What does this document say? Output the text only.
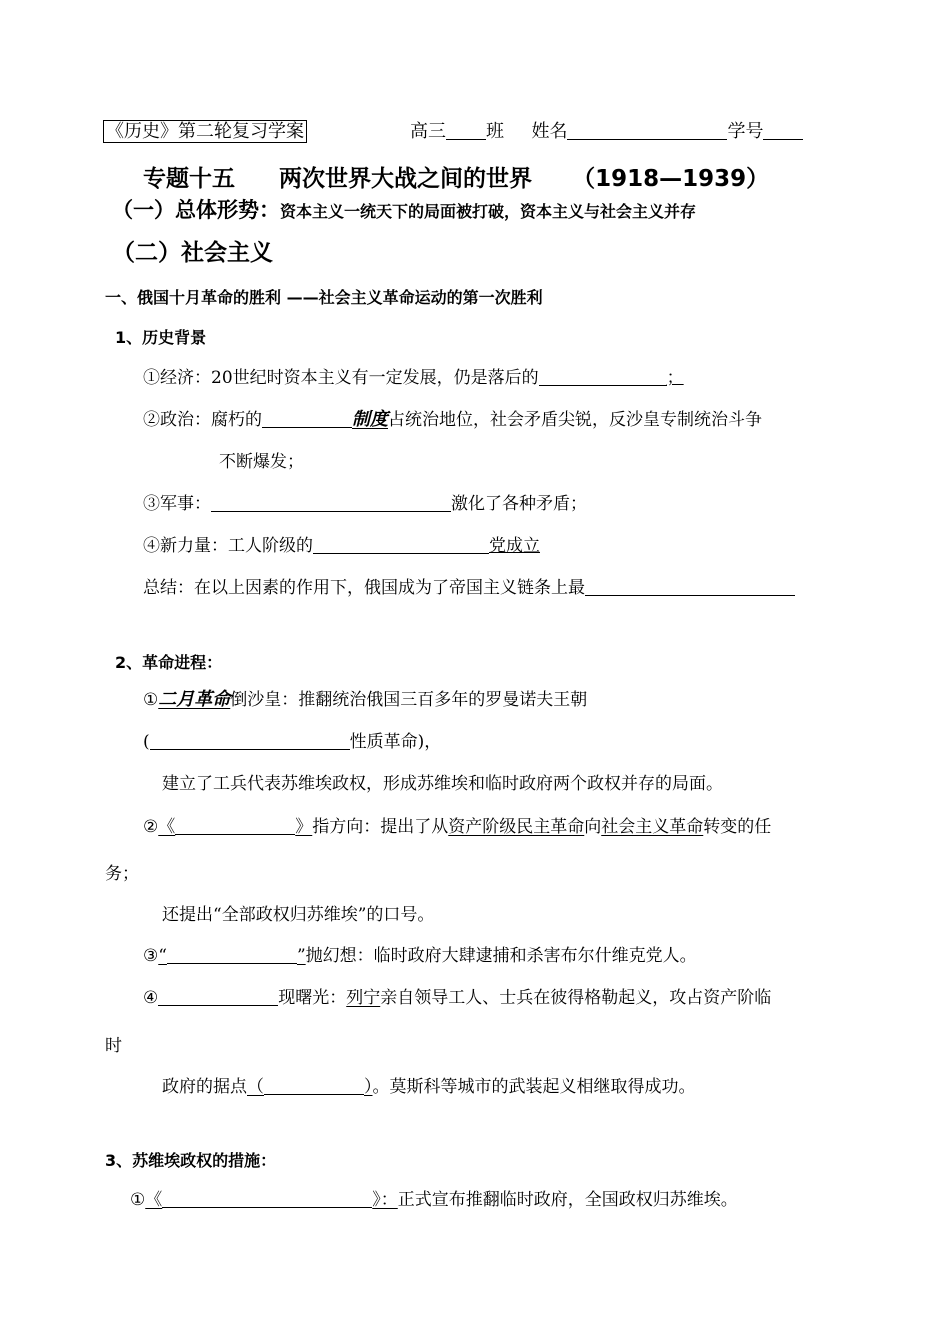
《历史》第二轮复习学案	高三 班 姓名	学号
专题十五 两次世界大战之间的世界 （1918—1939）
（一）总体形势：资本主义一统天下的局面被打破，资本主义与社会主义并存
（二）社会主义
一、俄国十月革命的胜利 ——社会主义革命运动的第一次胜利
1、历史背景
①经济：20世纪时资本主义有一定发展，仍是落后的	；
②政治：腐朽的	制度占统治地位，社会矛盾尖锐，反沙皇专制统治斗争
不断爆发；
③军事：	激化了各种矛盾；
④新力量：工人阶级的	党成立
总结：在以上因素的作用下，俄国成为了帝国主义链条上最
2、革命进程：
①二月革命倒沙皇：推翻统治俄国三百多年的罗曼诺夫王朝
(	性质革命)，
建立了工兵代表苏维埃政权，形成苏维埃和临时政府两个政权并存的局面。
②《	》指方向：提出了从资产阶级民主革命向社会主义革命转变的任
务；
还提出“全部政权归苏维埃”的口号。
③“	”抛幻想：临时政府大肆逮捕和杀害布尔什维克党人。
④	现曙光：列宁亲自领导工人、士兵在彼得格勒起义，攻占资产阶临
时
政府的据点（	）。莫斯科等城市的武装起义相继取得成功。
3、苏维埃政权的措施：
①《	》：正式宣布推翻临时政府，全国政权归苏维埃。
